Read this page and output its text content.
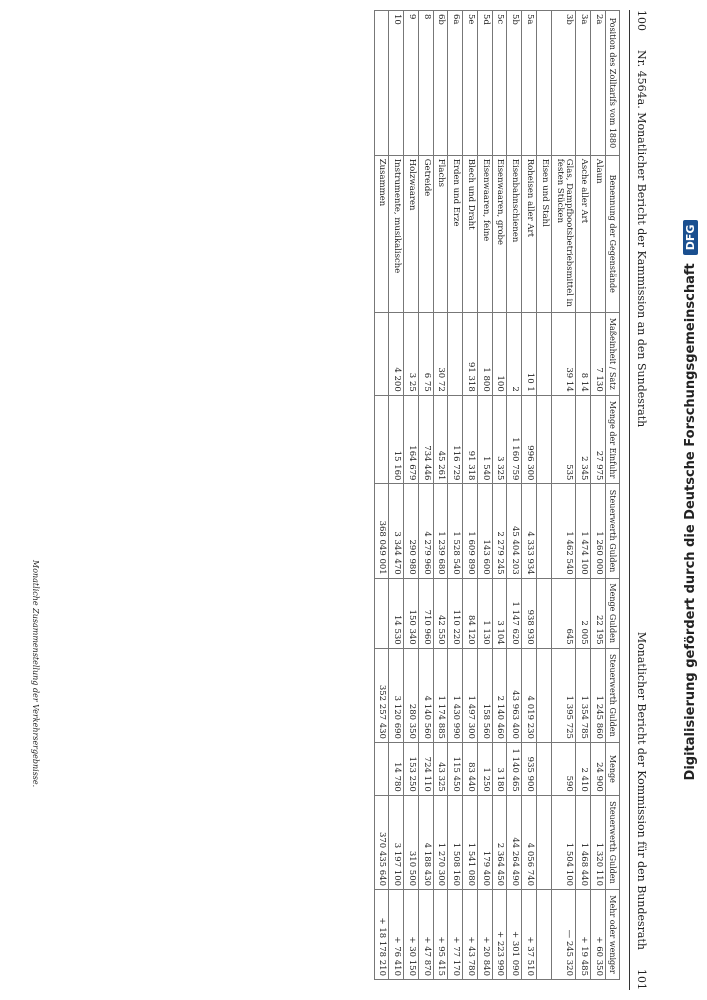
100
Nr. 4564a. Monatlicher Bericht der Kammission an den Sundesrath
Monatlicher Bericht der Kommission für den Bundesrath
101
Position des Zolltarifs vom 1880	Benennung der Gegenstände	Maßeinheit / Satz	Menge der Einfuhr	Steuerwerth Gulden	Menge Gulden	Steuerwerth Gulden	Menge	Steuerwerth Gulden	Mehr oder weniger
2a	Alaun	7 130	27 975	1 260 000	22 195	1 245 860	24 900	1 320 110	+ 60 350
3a	Asche aller Art	8 14	2 345	1 474 100	2 005	1 354 785	2 410	1 468 440	+ 19 485
3b	Glas, Dampfbootsbetriebsmittel in festen Stücken	39 14	535	1 462 540	645	1 395 725	590	1 504 100	— 245 320
	Eisen und Stahl								
5a	Roheisen aller Art	10 1	996 300	4 333 934	938 930	4 019 230	935 900	4 056 740	+ 37 510
5b	Eisenbahnschienen	2	1 160 759	45 404 203	1 147 620	43 963 400	1 140 465	44 264 490	+ 301 090
5c	Eisenwaaren, grobe	100	3 325	2 279 245	3 104	2 140 460	3 180	2 364 450	+ 223 990
5d	Eisenwaaren, feine	1 800	1 540	143 600	1 130	158 560	1 250	179 400	+ 20 840
5e	Blech und Draht	91 318	91 318	1 609 890	84 120	1 497 300	83 440	1 541 080	+ 43 780
6a	Erden und Erze		116 729	1 528 540	110 220	1 430 990	115 450	1 508 160	+ 77 170
6b	Flachs	30 72	45 261	1 239 680	42 550	1 174 885	43 325	1 270 300	+ 95 415
8	Getreide	6 75	734 446	4 279 960	710 960	4 140 560	724 110	4 188 430	+ 47 870
9	Holzwaaren	3 25	164 679	290 980	150 340	280 350	153 250	310 500	+ 30 150
10	Instrumente, musikalische	4 200	15 160	3 344 470	14 530	3 120 690	14 780	3 197 100	+ 76 410
	Zusammen			368 049 001		352 257 430		370 435 640	+ 18 178 210
Monatliche Zusammenstellung der Verkehrsergebnisse.	Digitalisierung gefördert durch die Deutsche Forschungsgemeinschaft
DFG
